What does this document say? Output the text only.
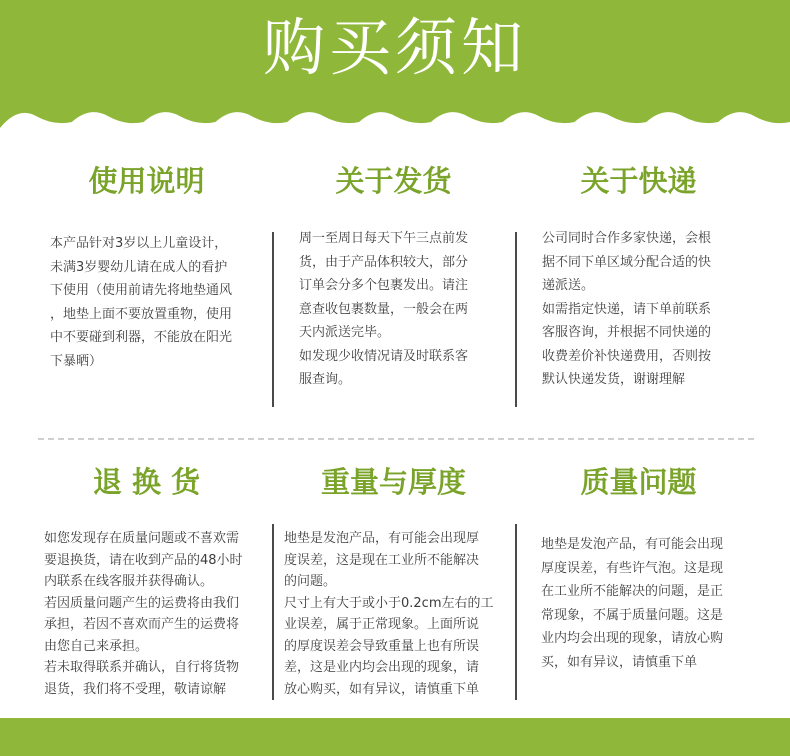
购买须知
使用说明	关于发货	关于快递
本产品针对3岁以上儿童设计，
未满3岁婴幼儿请在成人的看护
下使用（使用前请先将地垫通风
，地垫上面不要放置重物，使用
中不要碰到利器，不能放在阳光
下暴晒）
周一至周日每天下午三点前发
货，由于产品体积较大，部分
订单会分多个包裹发出。请注
意查收包裹数量，一般会在两
天内派送完毕。
如发现少收情况请及时联系客
服查询。
公司同时合作多家快递，会根
据不同下单区域分配合适的快
递派送。
如需指定快递，请下单前联系
客服咨询，并根据不同快递的
收费差价补快递费用，否则按
默认快递发货，谢谢理解
退 换 货	重量与厚度	质量问题
如您发现存在质量问题或不喜欢需
要退换货，请在收到产品的48小时
内联系在线客服并获得确认。
若因质量问题产生的运费将由我们
承担，若因不喜欢而产生的运费将
由您自己来承担。
若未取得联系并确认，自行将货物
退货，我们将不受理，敬请谅解
地垫是发泡产品，有可能会出现厚
度误差，这是现在工业所不能解决
的问题。
尺寸上有大于或小于0.2cm左右的工
业误差，属于正常现象。上面所说
的厚度误差会导致重量上也有所误
差，这是业内均会出现的现象，请
放心购买，如有异议，请慎重下单
地垫是发泡产品，有可能会出现
厚度误差，有些许气泡。这是现
在工业所不能解决的问题，是正
常现象，不属于质量问题。这是
业内均会出现的现象，请放心购
买，如有异议，请慎重下单
